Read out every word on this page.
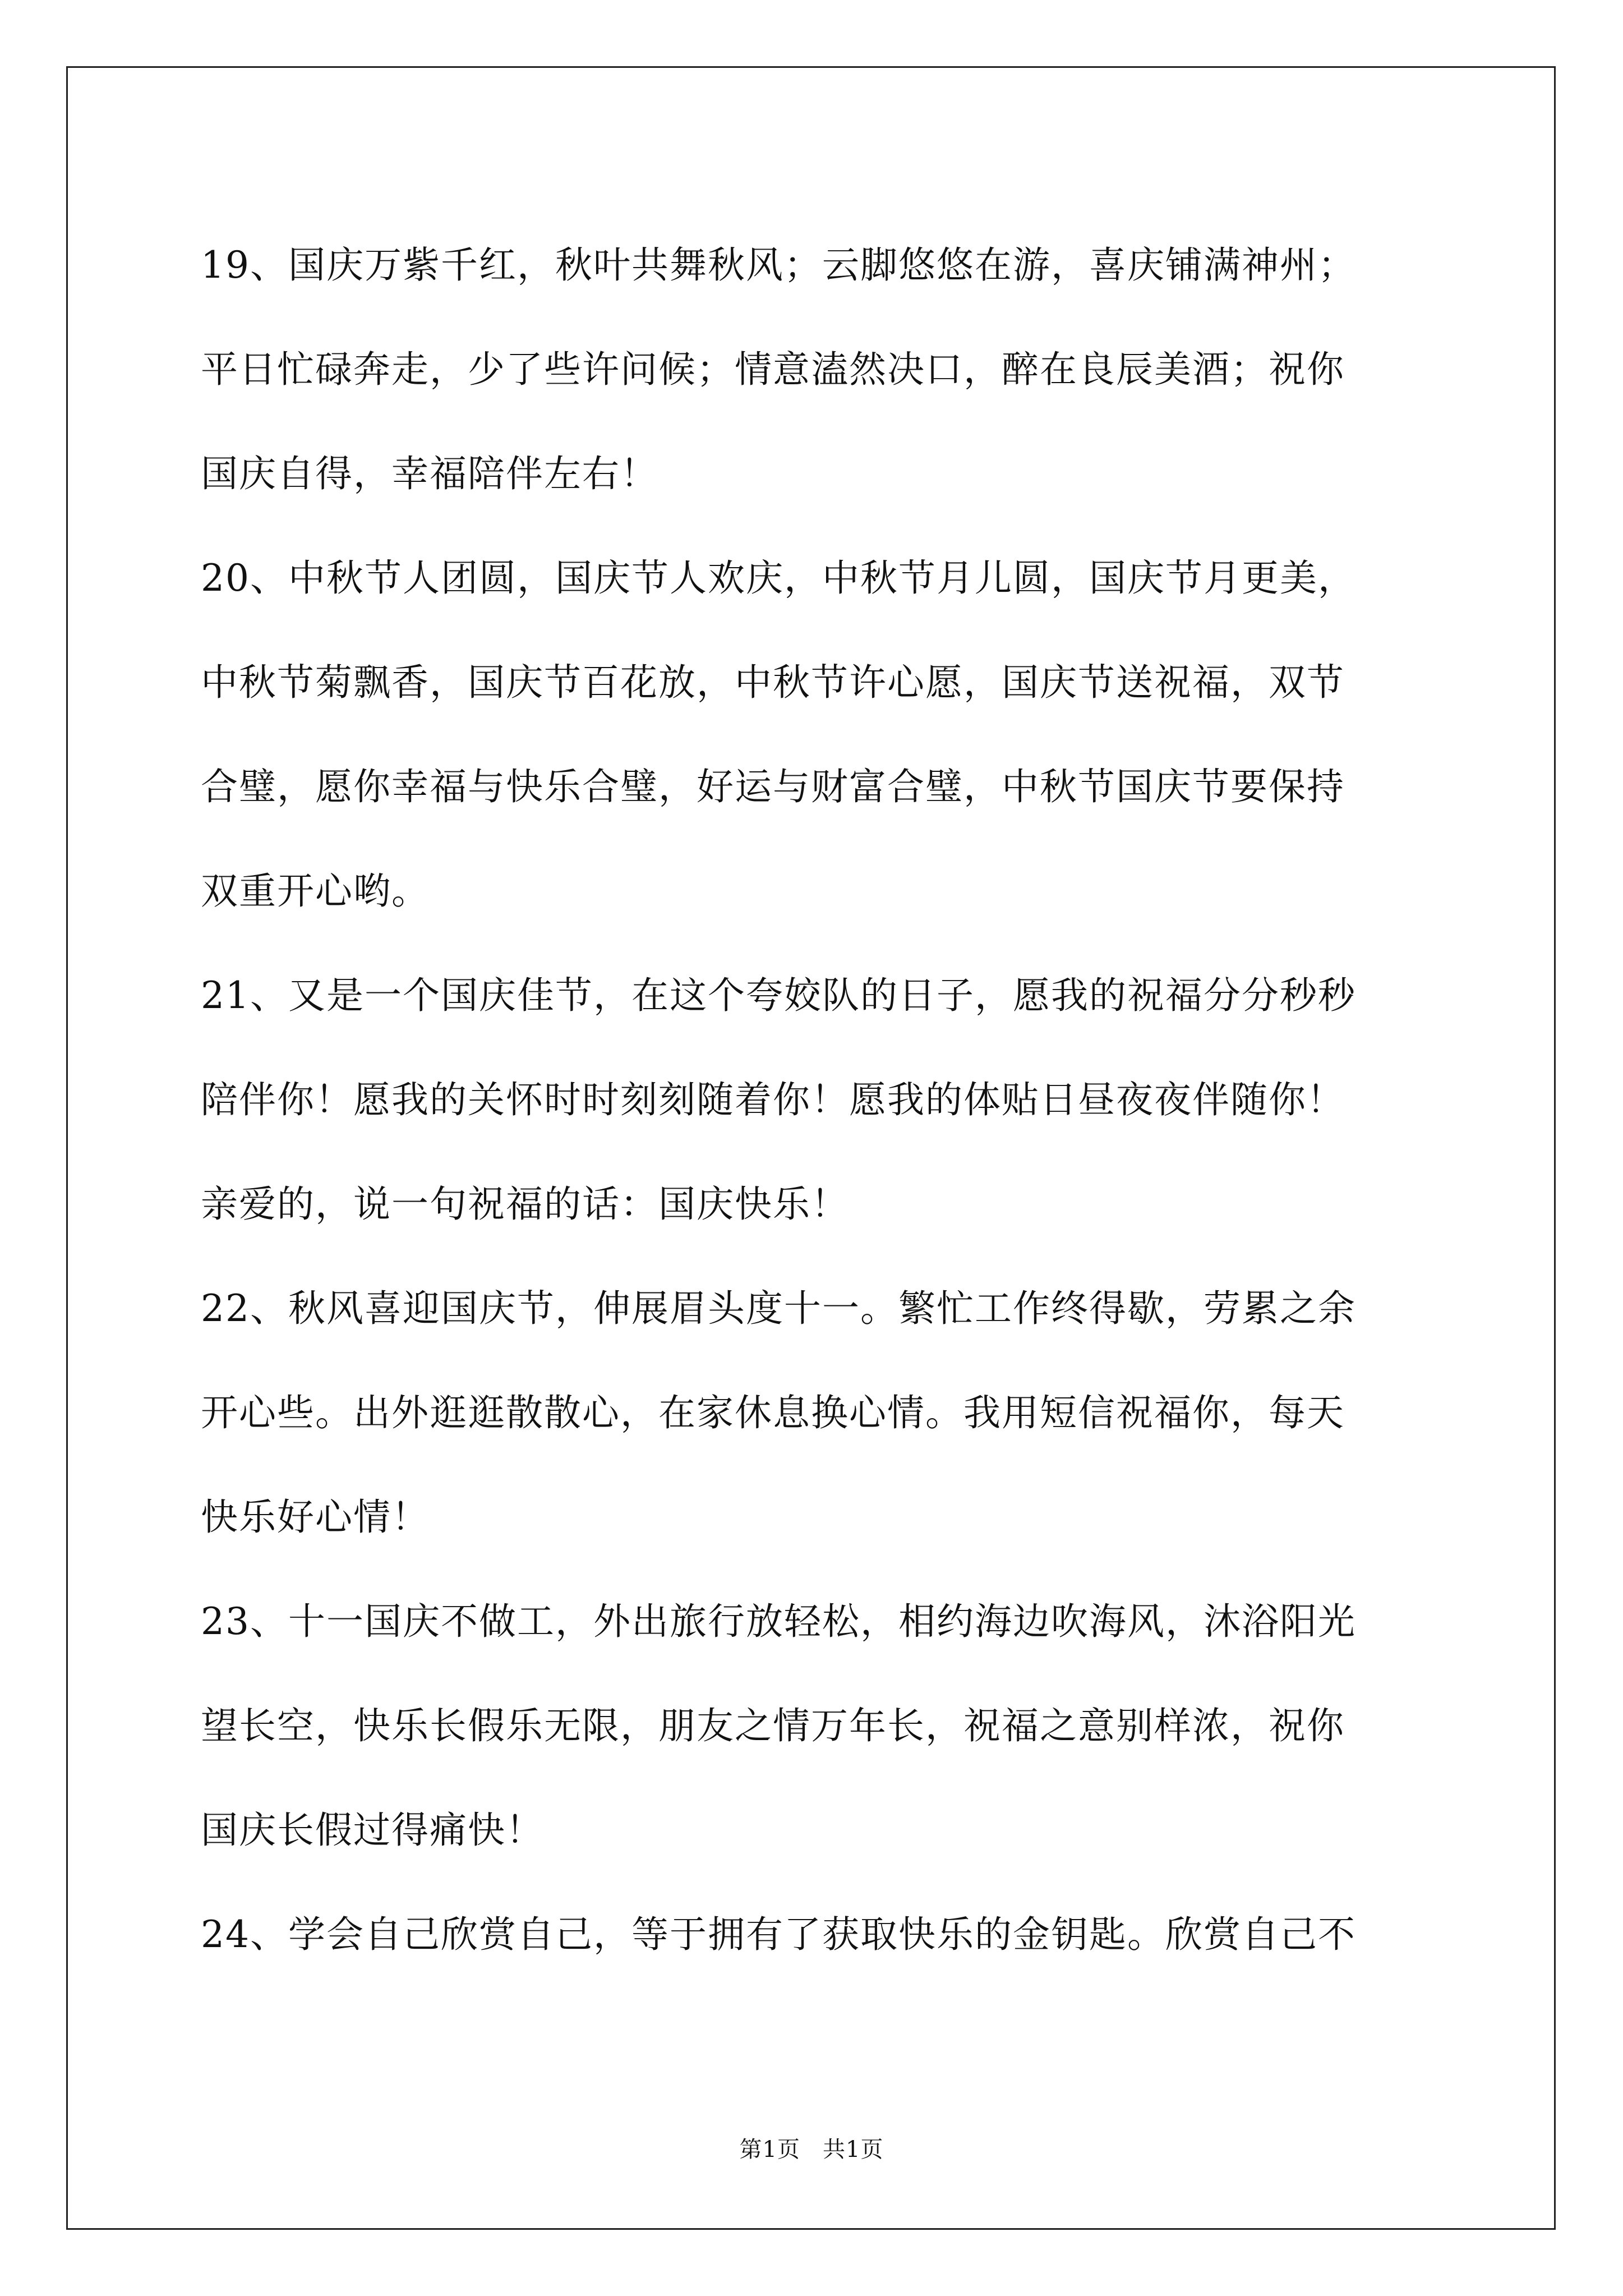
19、国庆万紫千红，秋叶共舞秋风；云脚悠悠在游，喜庆铺满神州；
平日忙碌奔走，少了些许问候；情意溘然决口，醉在良辰美酒；祝你
国庆自得，幸福陪伴左右！
20、中秋节人团圆，国庆节人欢庆，中秋节月儿圆，国庆节月更美，
中秋节菊飘香，国庆节百花放，中秋节许心愿，国庆节送祝福，双节
合璧，愿你幸福与快乐合璧，好运与财富合璧，中秋节国庆节要保持
双重开心哟。
21、又是一个国庆佳节，在这个夸姣队的日子，愿我的祝福分分秒秒
陪伴你！愿我的关怀时时刻刻随着你！愿我的体贴日昼夜夜伴随你！
亲爱的，说一句祝福的话：国庆快乐！
22、秋风喜迎国庆节，伸展眉头度十一。繁忙工作终得歇，劳累之余
开心些。出外逛逛散散心，在家休息换心情。我用短信祝福你，每天
快乐好心情！
23、十一国庆不做工，外出旅行放轻松，相约海边吹海风，沐浴阳光
望长空，快乐长假乐无限，朋友之情万年长，祝福之意别样浓，祝你
国庆长假过得痛快！
24、学会自己欣赏自己，等于拥有了获取快乐的金钥匙。欣赏自己不
第1页 共1页
